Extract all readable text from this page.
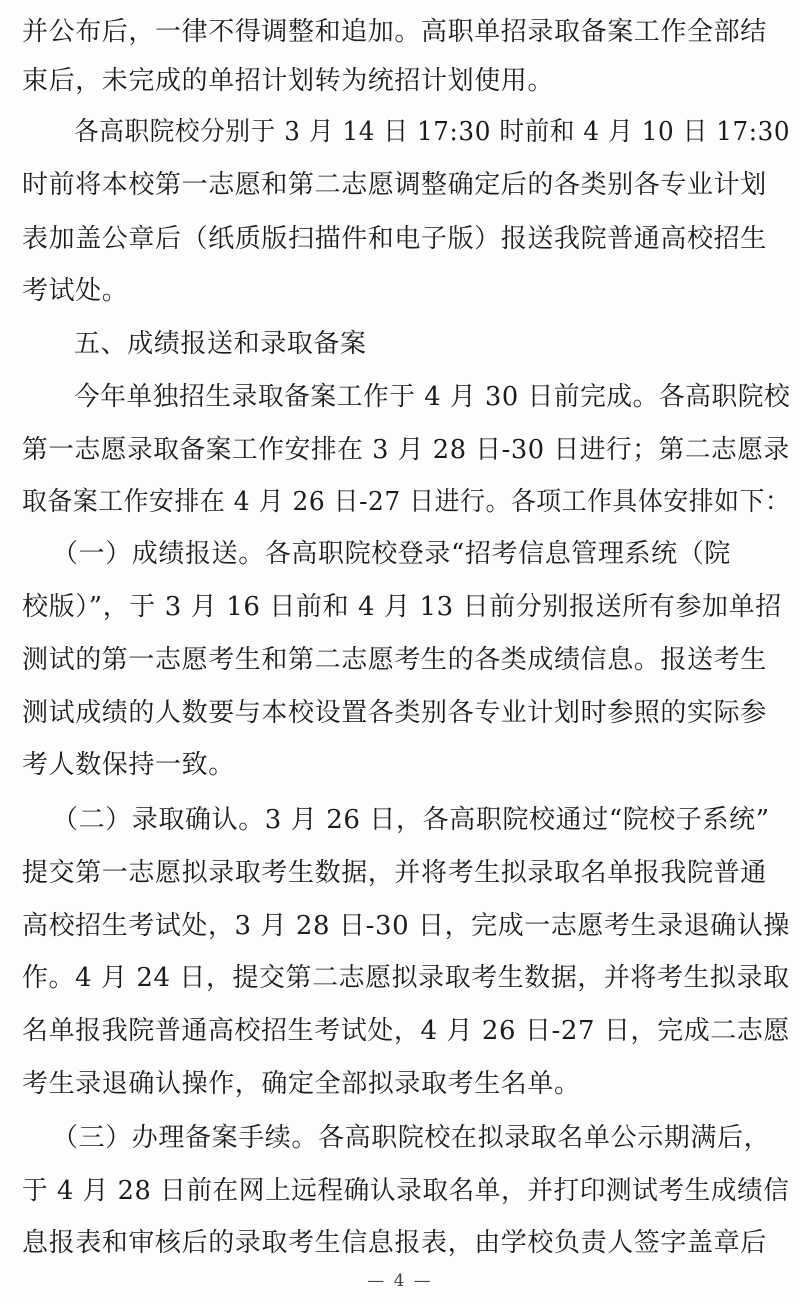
并公布后，一律不得调整和追加。高职单招录取备案工作全部结
束后，未完成的单招计划转为统招计划使用。
各高职院校分别于 3 月 14 日 17:30 时前和 4 月 10 日 17:30
时前将本校第一志愿和第二志愿调整确定后的各类别各专业计划
表加盖公章后（纸质版扫描件和电子版）报送我院普通高校招生
考试处。
五、成绩报送和录取备案
今年单独招生录取备案工作于 4 月 30 日前完成。各高职院校
第一志愿录取备案工作安排在 3 月 28 日-30 日进行；第二志愿录
取备案工作安排在 4 月 26 日-27 日进行。各项工作具体安排如下：
（一）成绩报送。各高职院校登录“招考信息管理系统（院
校版）”，于 3 月 16 日前和 4 月 13 日前分别报送所有参加单招
测试的第一志愿考生和第二志愿考生的各类成绩信息。报送考生
测试成绩的人数要与本校设置各类别各专业计划时参照的实际参
考人数保持一致。
（二）录取确认。3 月 26 日，各高职院校通过“院校子系统”
提交第一志愿拟录取考生数据，并将考生拟录取名单报我院普通
高校招生考试处，3 月 28 日-30 日，完成一志愿考生录退确认操
作。4 月 24 日，提交第二志愿拟录取考生数据，并将考生拟录取
名单报我院普通高校招生考试处，4 月 26 日-27 日，完成二志愿
考生录退确认操作，确定全部拟录取考生名单。
（三）办理备案手续。各高职院校在拟录取名单公示期满后，
于 4 月 28 日前在网上远程确认录取名单，并打印测试考生成绩信
息报表和审核后的录取考生信息报表，由学校负责人签字盖章后
— 4 —
